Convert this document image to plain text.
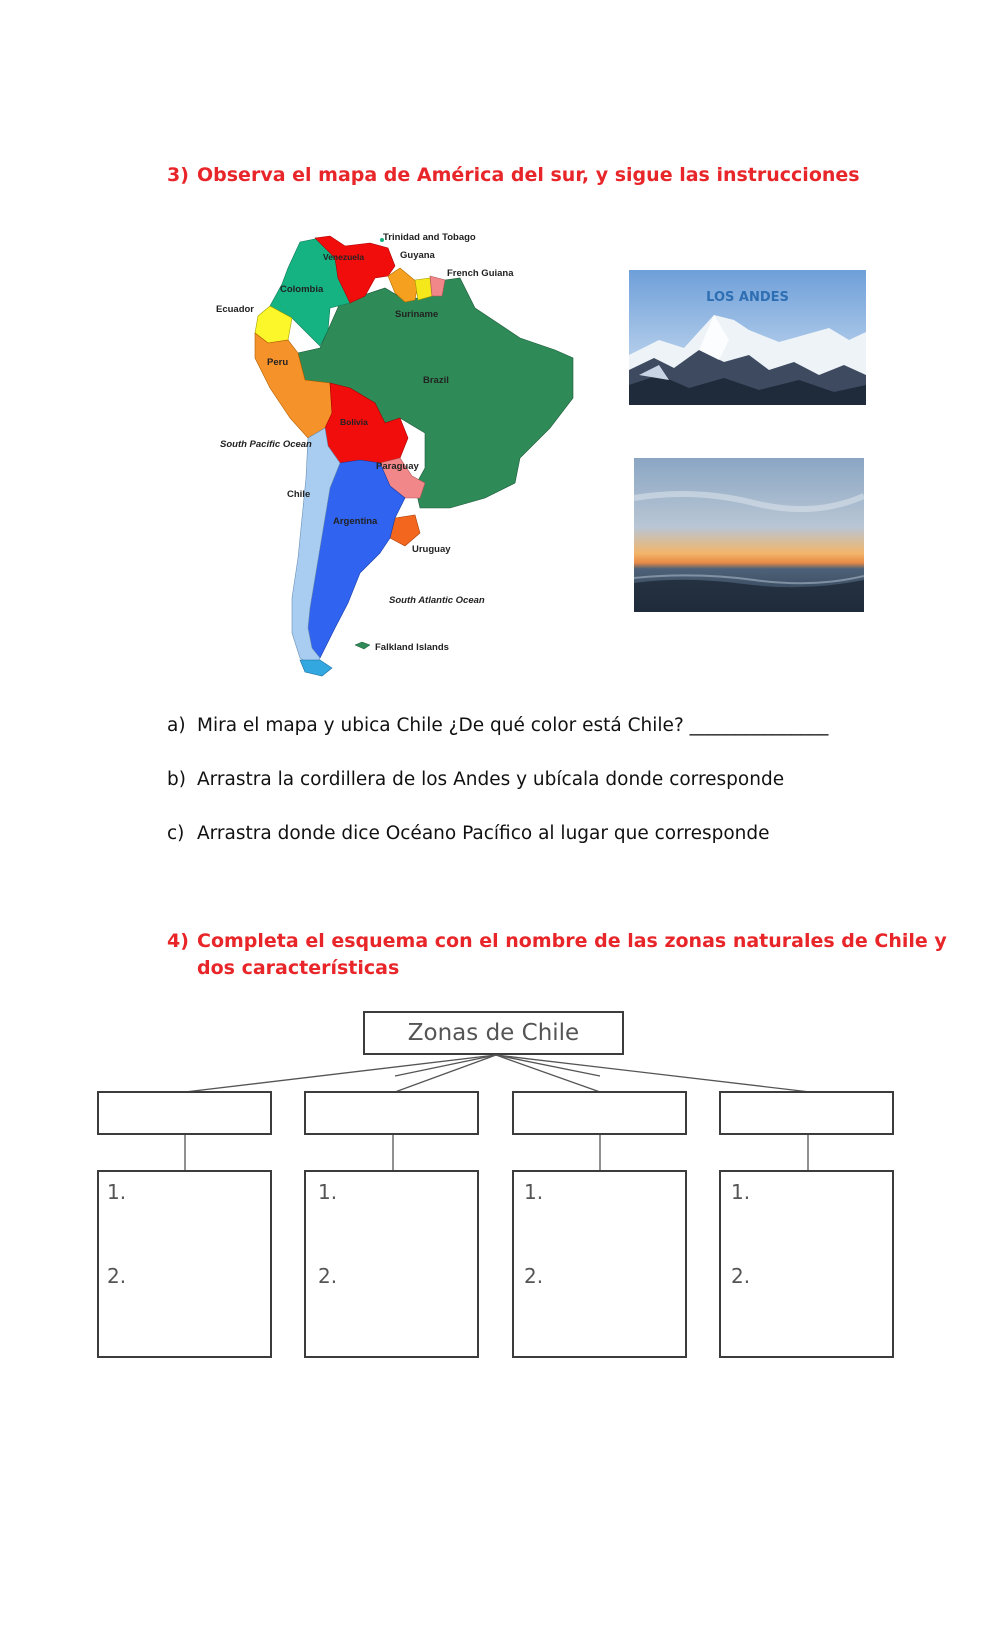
3) Observa el mapa de América del sur, y sigue las instrucciones

Trinidad and Tobago
Venezuela	Guyana
French Guiana
Colombia
Ecuador	Suriname
Peru
Brazil
Bolivia
South Pacific Ocean
Paraguay
Chile
Argentina
Uruguay
South Atlantic Ocean
Falkland Islands
LOS ANDES
a) Mira el mapa y ubica Chile ¿De qué color está Chile? _______________
b) Arrastra la cordillera de los Andes y ubícala donde corresponde
c) Arrastra donde dice Océano Pacífico al lugar que corresponde
4) Completa el esquema con el nombre de las zonas naturales de Chile y
dos características
Zonas de Chile
1.
2.
1.
2.
1.
2.
1.
2.
